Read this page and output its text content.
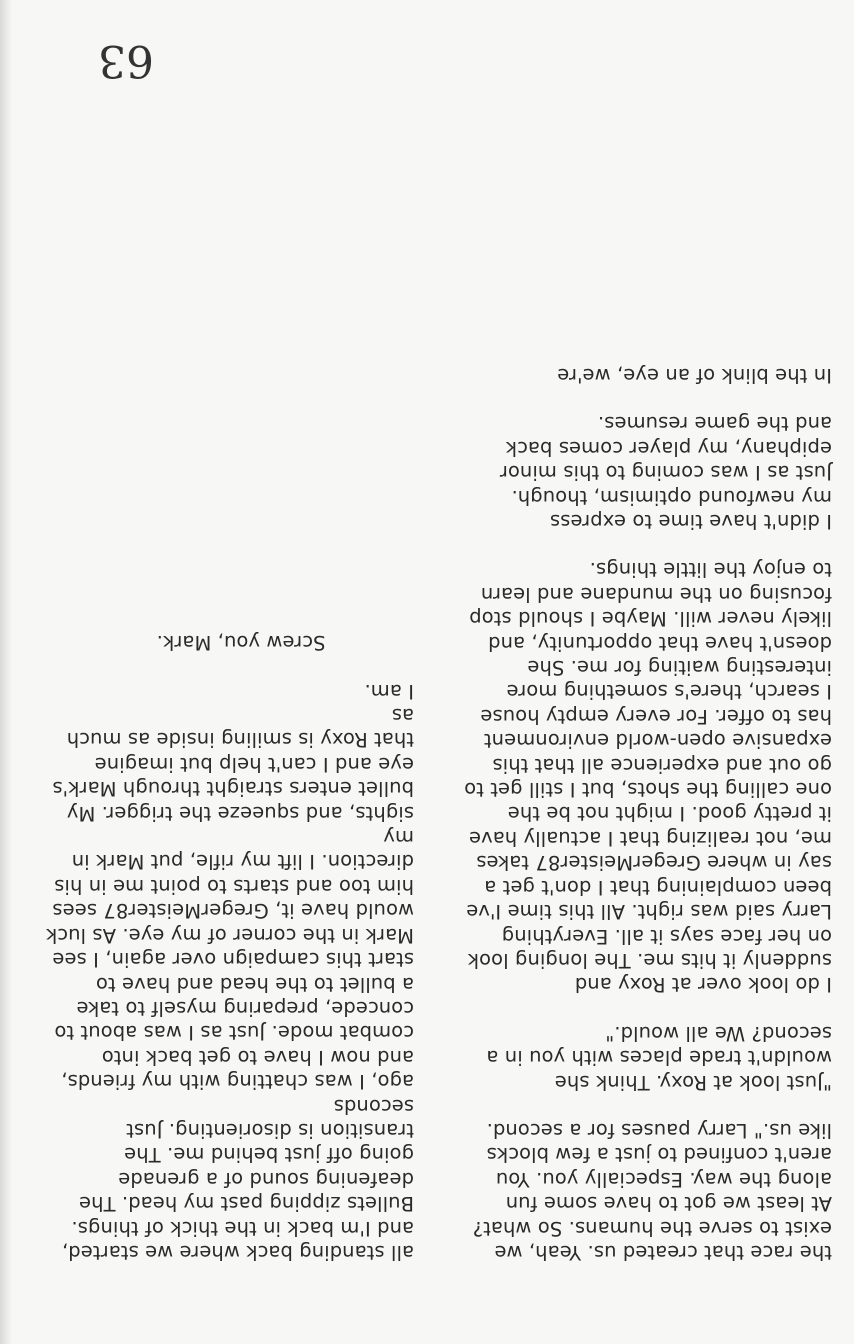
the race that created us. Yeah, we
exist to serve the humans. So what?
At least we got to have some fun
along the way. Especially you. You
aren't confined to just a few blocks
like us." Larry pauses for a second.

"Just look at Roxy. Think she
wouldn't trade places with you in a
second? We all would."

I do look over at Roxy and
suddenly it hits me. The longing look
on her face says it all. Everything
Larry said was right. All this time I've
been complaining that I don't get a
say in where GregerMeister87 takes
me, not realizing that I actually have
it pretty good. I might not be the
one calling the shots, but I still get to
go out and experience all that this
expansive open-world environment
has to offer. For every empty house
I search, there's something more
interesting waiting for me. She
doesn't have that opportunity, and
likely never will. Maybe I should stop
focusing on the mundane and learn
to enjoy the little things.

I didn't have time to express
my newfound optimism, though.
Just as I was coming to this minor
epiphany, my player comes back
and the game resumes.

In the blink of an eye, we're

all standing back where we started,
and I'm back in the thick of things.
Bullets zipping past my head. The
deafening sound of a grenade
going off just behind me. The
transition is disorienting. Just seconds
ago, I was chatting with my friends,
and now I have to get back into
combat mode. Just as I was about to
concede, preparing myself to take
a bullet to the head and have to
start this campaign over again, I see
Mark in the corner of my eye. As luck
would have it, GregerMeister87 sees
him too and starts to point me in his
direction. I lift my rifle, put Mark in my
sights, and squeeze the trigger. My
bullet enters straight through Mark's
eye and I can't help but imagine
that Roxy is smiling inside as much as
I am.

Screw you, Mark.

63
